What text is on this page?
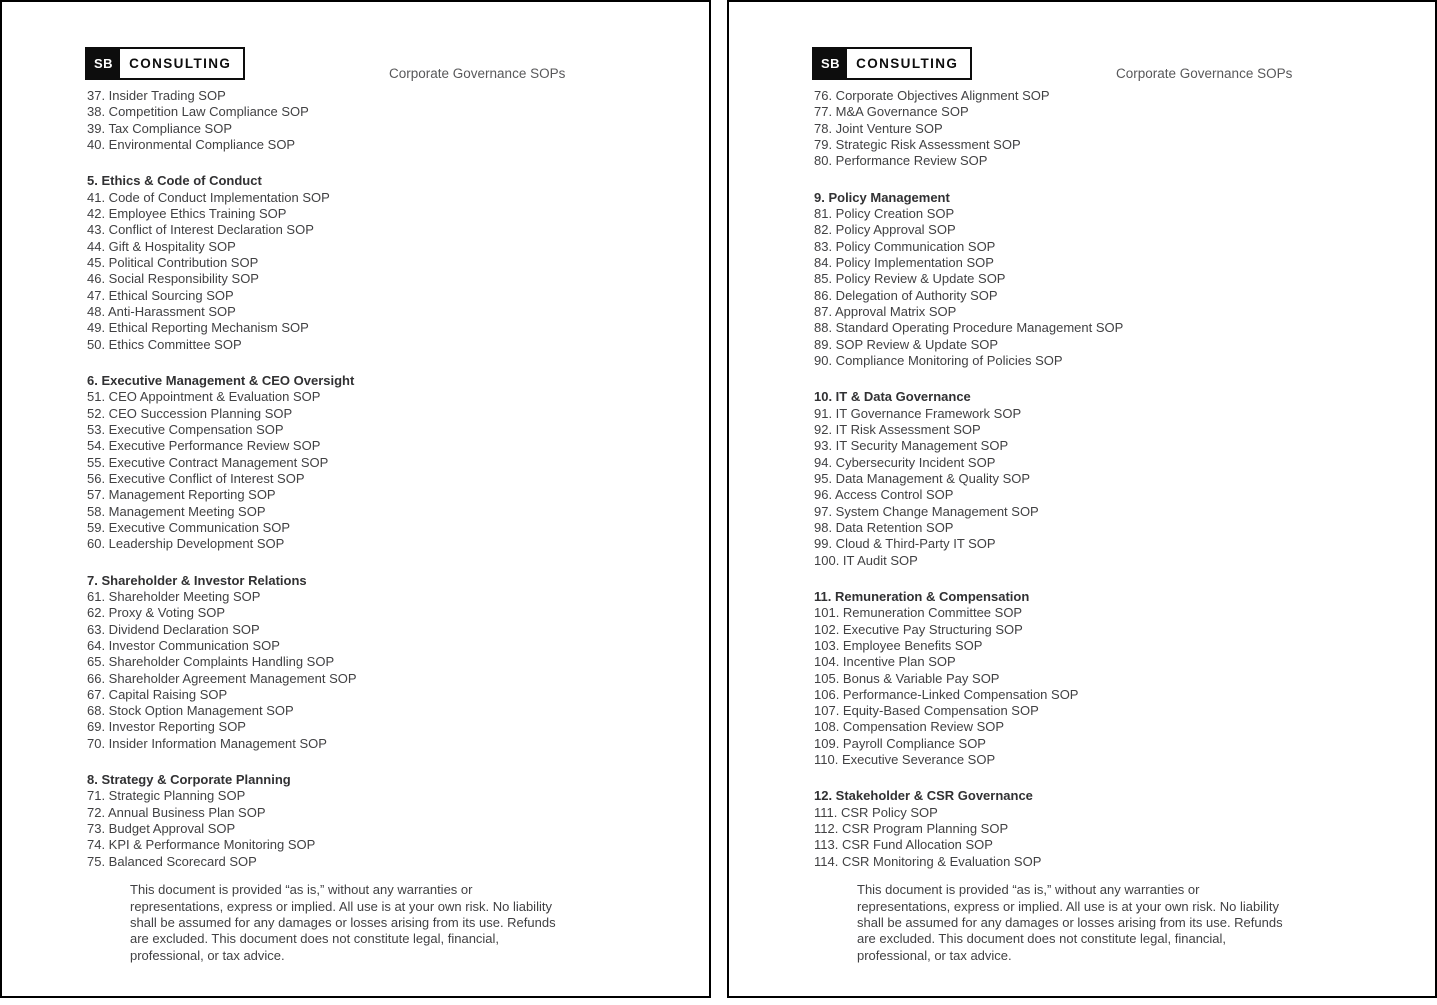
SB	CONSULTING
Corporate Governance SOPs
37. Insider Trading SOP
38. Competition Law Compliance SOP
39. Tax Compliance SOP
40. Environmental Compliance SOP
5. Ethics & Code of Conduct
41. Code of Conduct Implementation SOP
42. Employee Ethics Training SOP
43. Conflict of Interest Declaration SOP
44. Gift & Hospitality SOP
45. Political Contribution SOP
46. Social Responsibility SOP
47. Ethical Sourcing SOP
48. Anti-Harassment SOP
49. Ethical Reporting Mechanism SOP
50. Ethics Committee SOP
6. Executive Management & CEO Oversight
51. CEO Appointment & Evaluation SOP
52. CEO Succession Planning SOP
53. Executive Compensation SOP
54. Executive Performance Review SOP
55. Executive Contract Management SOP
56. Executive Conflict of Interest SOP
57. Management Reporting SOP
58. Management Meeting SOP
59. Executive Communication SOP
60. Leadership Development SOP
7. Shareholder & Investor Relations
61. Shareholder Meeting SOP
62. Proxy & Voting SOP
63. Dividend Declaration SOP
64. Investor Communication SOP
65. Shareholder Complaints Handling SOP
66. Shareholder Agreement Management SOP
67. Capital Raising SOP
68. Stock Option Management SOP
69. Investor Reporting SOP
70. Insider Information Management SOP
8. Strategy & Corporate Planning
71. Strategic Planning SOP
72. Annual Business Plan SOP
73. Budget Approval SOP
74. KPI & Performance Monitoring SOP
75. Balanced Scorecard SOP
This document is provided “as is,” without any warranties or
representations, express or implied. All use is at your own risk. No liability
shall be assumed for any damages or losses arising from its use. Refunds
are excluded. This document does not constitute legal, financial,
professional, or tax advice.
SB	CONSULTING
Corporate Governance SOPs
76. Corporate Objectives Alignment SOP
77. M&A Governance SOP
78. Joint Venture SOP
79. Strategic Risk Assessment SOP
80. Performance Review SOP
9. Policy Management
81. Policy Creation SOP
82. Policy Approval SOP
83. Policy Communication SOP
84. Policy Implementation SOP
85. Policy Review & Update SOP
86. Delegation of Authority SOP
87. Approval Matrix SOP
88. Standard Operating Procedure Management SOP
89. SOP Review & Update SOP
90. Compliance Monitoring of Policies SOP
10. IT & Data Governance
91. IT Governance Framework SOP
92. IT Risk Assessment SOP
93. IT Security Management SOP
94. Cybersecurity Incident SOP
95. Data Management & Quality SOP
96. Access Control SOP
97. System Change Management SOP
98. Data Retention SOP
99. Cloud & Third-Party IT SOP
100. IT Audit SOP
11. Remuneration & Compensation
101. Remuneration Committee SOP
102. Executive Pay Structuring SOP
103. Employee Benefits SOP
104. Incentive Plan SOP
105. Bonus & Variable Pay SOP
106. Performance-Linked Compensation SOP
107. Equity-Based Compensation SOP
108. Compensation Review SOP
109. Payroll Compliance SOP
110. Executive Severance SOP
12. Stakeholder & CSR Governance
111. CSR Policy SOP
112. CSR Program Planning SOP
113. CSR Fund Allocation SOP
114. CSR Monitoring & Evaluation SOP
This document is provided “as is,” without any warranties or
representations, express or implied. All use is at your own risk. No liability
shall be assumed for any damages or losses arising from its use. Refunds
are excluded. This document does not constitute legal, financial,
professional, or tax advice.
